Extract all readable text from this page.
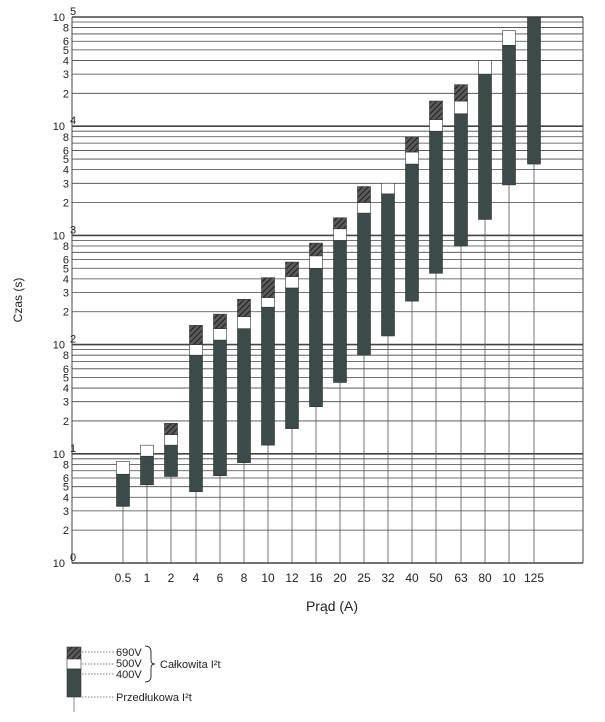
10 0
2
3
4
5
6
8
10 1
2
3
4
5
6
8
10 2
2
3
4
5
6
8
10 3
2
3
4
5
6
8
10 4
2
3
4
5
6
8
10 5
0.5 1 2 4 6 8 10 12 16 20 25 32 40 50 63 80 10 125
Czas (s)
Prąd (A)
690V
500V
400V
Całkowita I²t
Przedłukowa I²t
